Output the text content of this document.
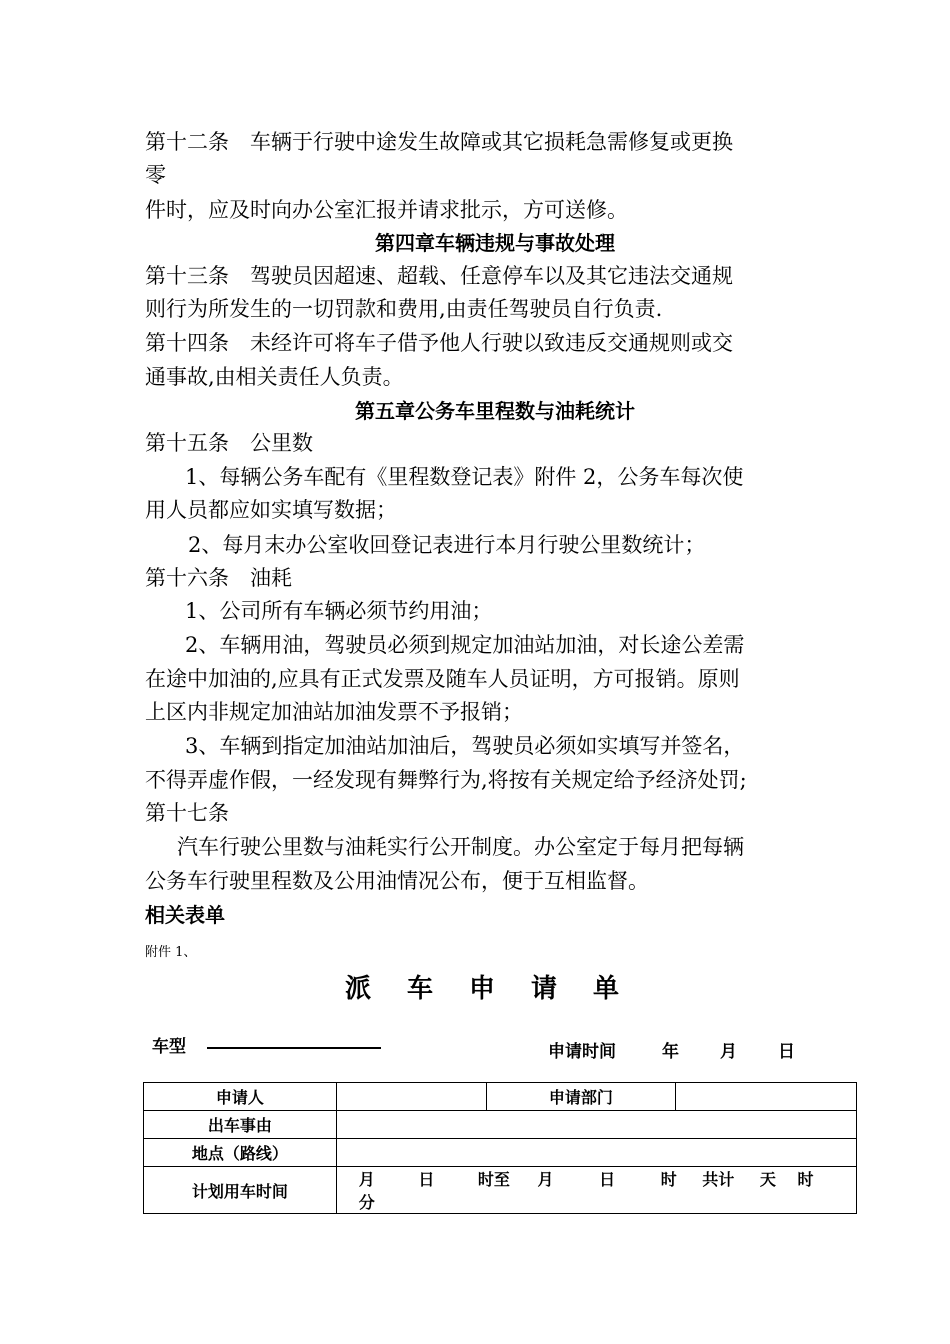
第十二条　车辆于行驶中途发生故障或其它损耗急需修复或更换
零
件时，应及时向办公室汇报并请求批示，方可送修。
第四章车辆违规与事故处理
第十三条　驾驶员因超速、超载、任意停车以及其它违法交通规
则行为所发生的一切罚款和费用,由责任驾驶员自行负责.
第十四条　未经许可将车子借予他人行驶以致违反交通规则或交
通事故,由相关责任人负责。
第五章公务车里程数与油耗统计
第十五条　公里数
1、每辆公务车配有《里程数登记表》附件 2，公务车每次使
用人员都应如实填写数据；
2、每月末办公室收回登记表进行本月行驶公里数统计；
第十六条　油耗
1、公司所有车辆必须节约用油；
2、车辆用油，驾驶员必须到规定加油站加油，对长途公差需
在途中加油的,应具有正式发票及随车人员证明，方可报销。原则
上区内非规定加油站加油发票不予报销；
3、车辆到指定加油站加油后，驾驶员必须如实填写并签名，
不得弄虚作假，一经发现有舞弊行为,将按有关规定给予经济处罚;
第十七条
汽车行驶公里数与油耗实行公开制度。办公室定于每月把每辆
公务车行驶里程数及公用油情况公布，便于互相监督。
相关表单
附件 1、
派车申请单
车型	申请时间	年 月 日
申请人		申请部门	
出车事由			
地点（路线）			
计划用车时间	月 日 时至 月 日 时 共计 天 时 分		
